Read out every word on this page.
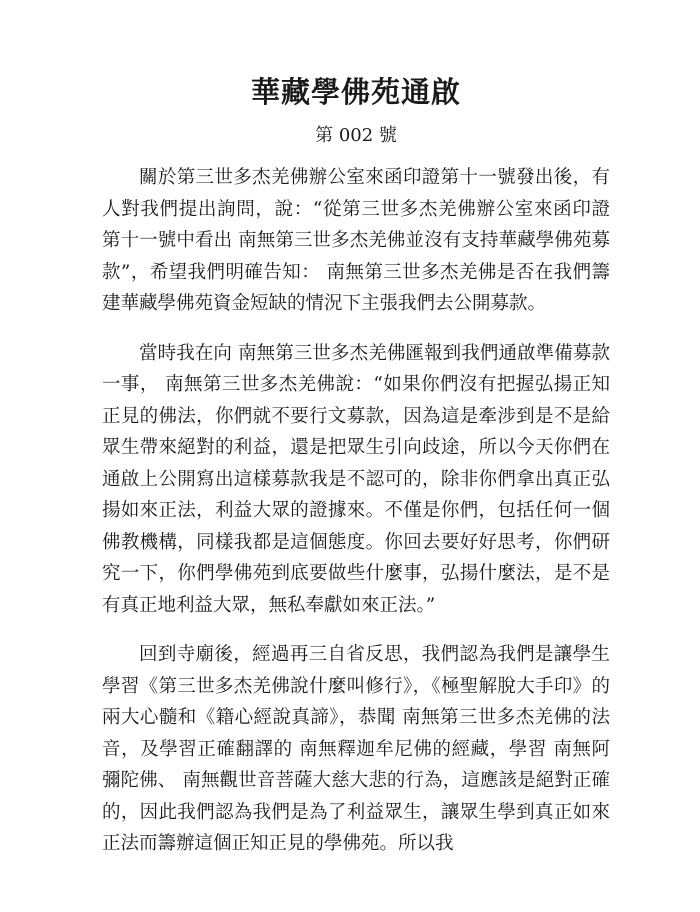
華藏學佛苑通啟
第 002 號

關於第三世多杰羌佛辦公室來函印證第十一號發出後，有人對我們提出詢問，說：“從第三世多杰羌佛辦公室來函印證第十一號中看出 南無第三世多杰羌佛並沒有支持華藏學佛苑募款”，希望我們明確告知： 南無第三世多杰羌佛是否在我們籌建華藏學佛苑資金短缺的情況下主張我們去公開募款。

當時我在向 南無第三世多杰羌佛匯報到我們通啟準備募款一事， 南無第三世多杰羌佛說：“如果你們沒有把握弘揚正知正見的佛法，你們就不要行文募款，因為這是牽涉到是不是給眾生帶來絕對的利益，還是把眾生引向歧途，所以今天你們在通啟上公開寫出這樣募款我是不認可的，除非你們拿出真正弘揚如來正法，利益大眾的證據來。不僅是你們，包括任何一個佛教機構，同樣我都是這個態度。你回去要好好思考，你們研究一下，你們學佛苑到底要做些什麼事，弘揚什麼法，是不是有真正地利益大眾，無私奉獻如來正法。”

回到寺廟後，經過再三自省反思，我們認為我們是讓學生學習《第三世多杰羌佛說什麼叫修行》，《極聖解脫大手印》的兩大心髓和《籍心經說真諦》，恭聞 南無第三世多杰羌佛的法音，及學習正確翻譯的 南無釋迦牟尼佛的經藏，學習 南無阿彌陀佛、 南無觀世音菩薩大慈大悲的行為，這應該是絕對正確的，因此我們認為我們是為了利益眾生，讓眾生學到真正如來正法而籌辦這個正知正見的學佛苑。所以我
